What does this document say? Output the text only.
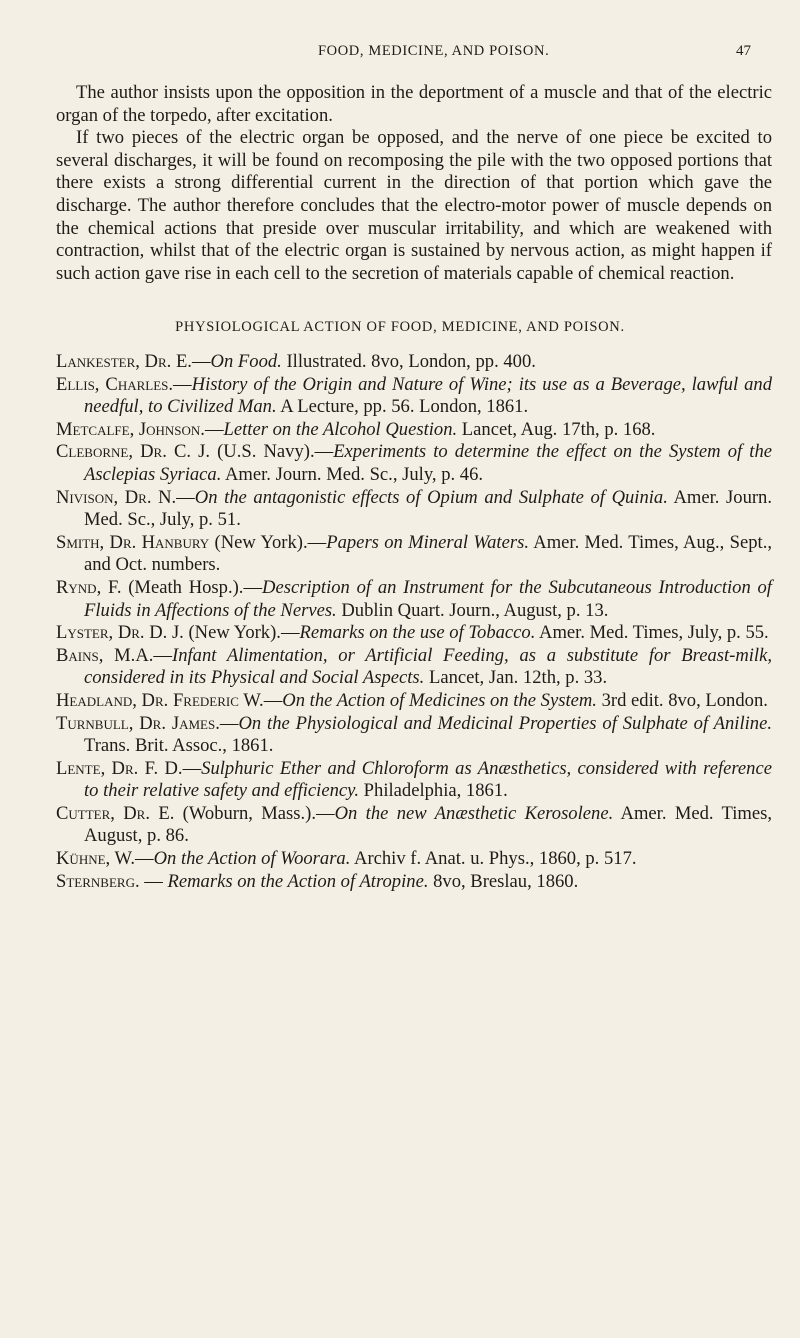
FOOD, MEDICINE, AND POISON.	47

The author insists upon the opposition in the deportment of a muscle and that of the electric organ of the torpedo, after excitation.

If two pieces of the electric organ be opposed, and the nerve of one piece be excited to several discharges, it will be found on recomposing the pile with the two opposed portions that there exists a strong differential current in the direction of that portion which gave the discharge. The author therefore concludes that the electro-motor power of muscle depends on the chemical actions that preside over muscular irritability, and which are weakened with contraction, whilst that of the electric organ is sustained by nervous action, as might happen if such action gave rise in each cell to the secretion of materials capable of chemical reaction.

PHYSIOLOGICAL ACTION OF FOOD, MEDICINE, AND POISON.

Lankester, Dr. E.—On Food. Illustrated. 8vo, London, pp. 400.

Ellis, Charles.—History of the Origin and Nature of Wine; its use as a Beverage, lawful and needful, to Civilized Man. A Lecture, pp. 56. London, 1861.

Metcalfe, Johnson.—Letter on the Alcohol Question. Lancet, Aug. 17th, p. 168.

Cleborne, Dr. C. J. (U.S. Navy).—Experiments to determine the effect on the System of the Asclepias Syriaca. Amer. Journ. Med. Sc., July, p. 46.

Nivison, Dr. N.—On the antagonistic effects of Opium and Sulphate of Quinia. Amer. Journ. Med. Sc., July, p. 51.

Smith, Dr. Hanbury (New York).—Papers on Mineral Waters. Amer. Med. Times, Aug., Sept., and Oct. numbers.

Rynd, F. (Meath Hosp.).—Description of an Instrument for the Subcutaneous Introduction of Fluids in Affections of the Nerves. Dublin Quart. Journ., August, p. 13.

Lyster, Dr. D. J. (New York).—Remarks on the use of Tobacco. Amer. Med. Times, July, p. 55.

Bains, M.A.—Infant Alimentation, or Artificial Feeding, as a substitute for Breast-milk, considered in its Physical and Social Aspects. Lancet, Jan. 12th, p. 33.

Headland, Dr. Frederic W.—On the Action of Medicines on the System. 3rd edit. 8vo, London.

Turnbull, Dr. James.—On the Physiological and Medicinal Properties of Sulphate of Aniline. Trans. Brit. Assoc., 1861.

Lente, Dr. F. D.—Sulphuric Ether and Chloroform as Anæsthetics, considered with reference to their relative safety and efficiency. Philadelphia, 1861.

Cutter, Dr. E. (Woburn, Mass.).—On the new Anæsthetic Kerosolene. Amer. Med. Times, August, p. 86.

Kühne, W.—On the Action of Woorara. Archiv f. Anat. u. Phys., 1860, p. 517.

Sternberg. — Remarks on the Action of Atropine. 8vo, Breslau, 1860.
